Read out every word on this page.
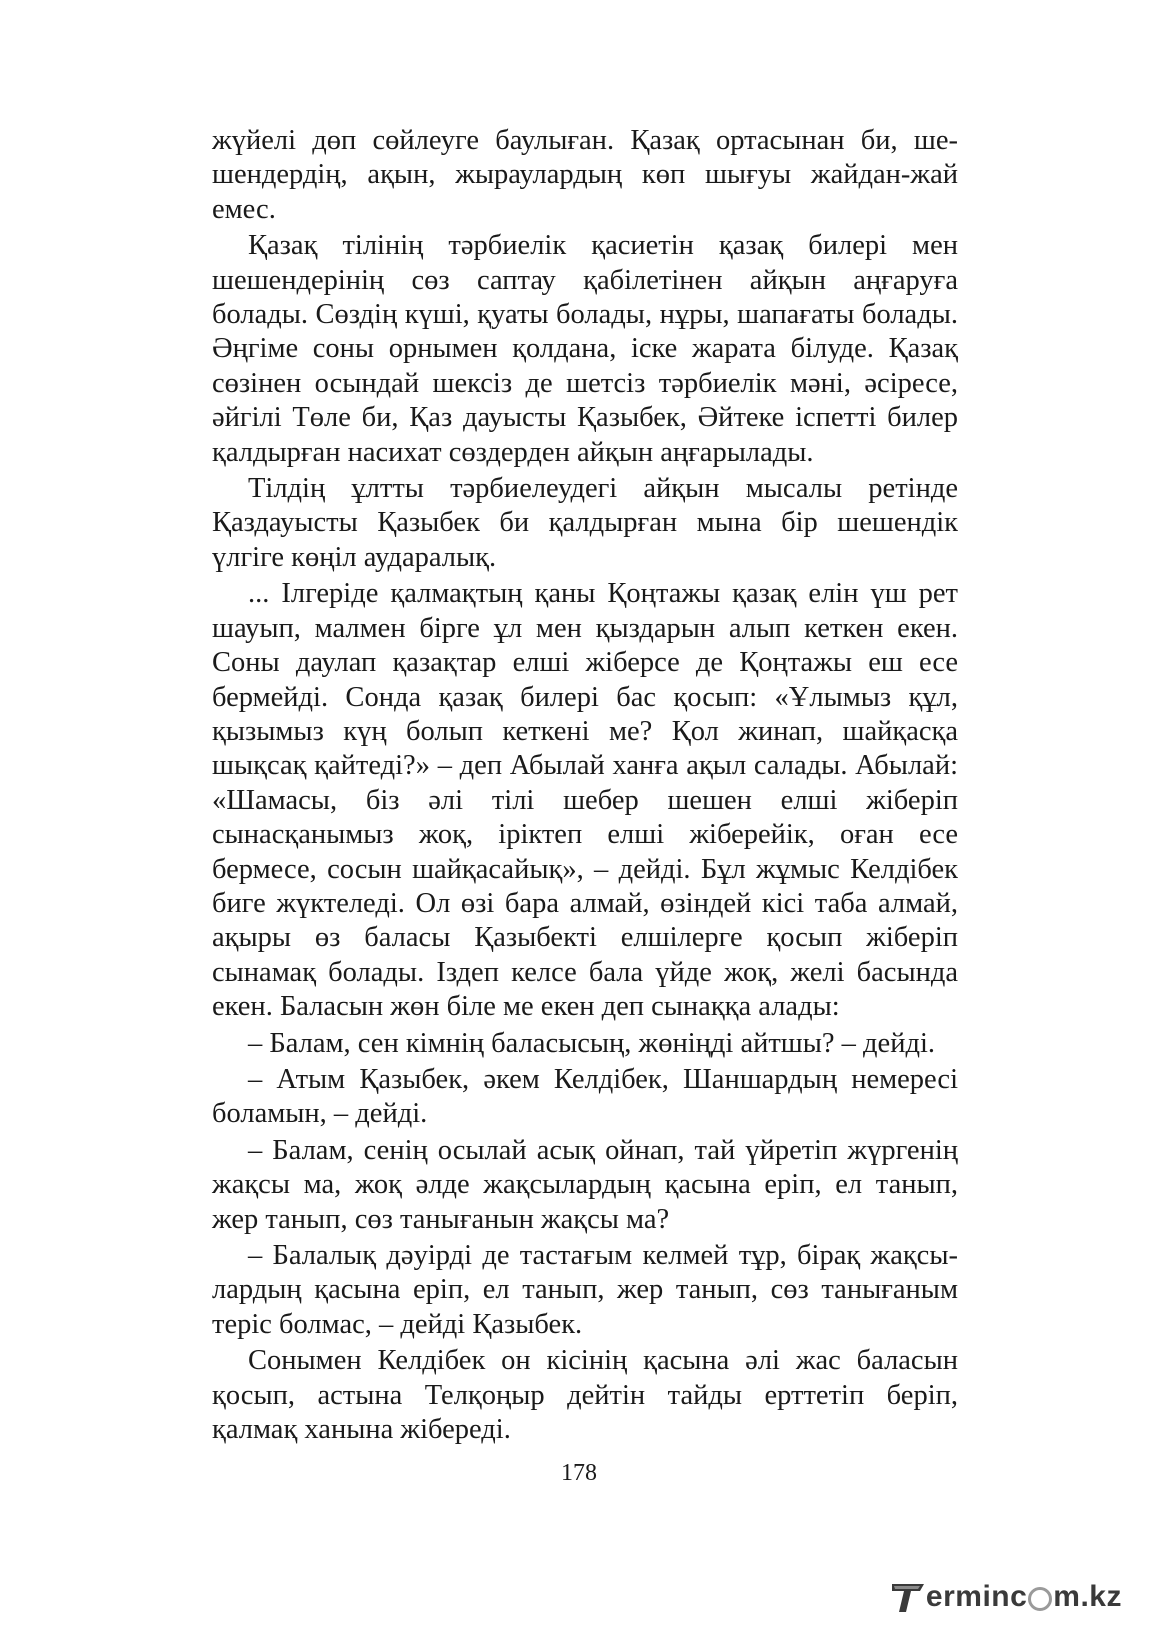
жүйелі дөп сөйлеуге баулыған. Қазақ ортасынан би, шешендердің, ақын, жыраулардың көп шығуы жайдан-жай емес.

Қазақ тілінің тәрбиелік қасиетін қазақ билері мен шешендерінің сөз саптау қабілетінен айқын аңғаруға болады. Сөздің күші, қуаты болады, нұры, шапағаты болады. Әңгіме соны орнымен қолдана, іске жарата білуде. Қазақ сөзінен осындай шексіз де шетсіз тәрбиелік мәні, әсіресе, әйгілі Төле би, Қаз дауысты Қазыбек, Әйтеке іспетті билер қалдырған насихат сөздерден айқын аңғарылады.

Тілдің ұлтты тәрбиелеудегі айқын мысалы ретінде Қаздауысты Қазыбек би қалдырған мына бір шешендік үлгіге көңіл аударалық.

... Ілгеріде қалмақтың қаны Қоңтажы қазақ елін үш рет шауып, малмен бірге ұл мен қыздарын алып кеткен екен. Соны даулап қазақтар елші жіберсе де Қоңтажы еш есе бермейді. Сонда қазақ билері бас қосып: «Ұлымыз құл, қызымыз күң болып кеткені ме? Қол жинап, шайқасқа шықсақ қайтеді?» – деп Абылай ханға ақыл салады. Абылай: «Шамасы, біз әлі тілі шебер шешен елші жіберіп сынасқанымыз жоқ, іріктеп елші жіберейік, оған есе бермесе, сосын шайқасайық», – дейді. Бұл жұмыс Келдібек биге жүктеледі. Ол өзі бара алмай, өзіндей кісі таба алмай, ақыры өз баласы Қазыбекті елшілерге қосып жіберіп сынамақ болады. Іздеп келсе бала үйде жоқ, желі басында екен. Баласын жөн біле ме екен деп сынаққа алады:

– Балам, сен кімнің баласысың, жөніңді айтшы? – дейді.

– Атым Қазыбек, әкем Келдібек, Шаншардың немересі боламын, – дейді.

– Балам, сенің осылай асық ойнап, тай үйретіп жүргенің жақсы ма, жоқ әлде жақсылардың қасына еріп, ел танып, жер танып, сөз танығанын жақсы ма?

– Балалық дәуірді де тастағым келмей тұр, бірақ жақсылардың қасына еріп, ел танып, жер танып, сөз танығаным теріс болмас, – дейді Қазыбек.

Сонымен Келдібек он кісінің қасына әлі жас баласын қосып, астына Телқоңыр дейтін тайды ерттетіп беріп, қалмақ ханына жібереді.

178
ermin c m.kz
